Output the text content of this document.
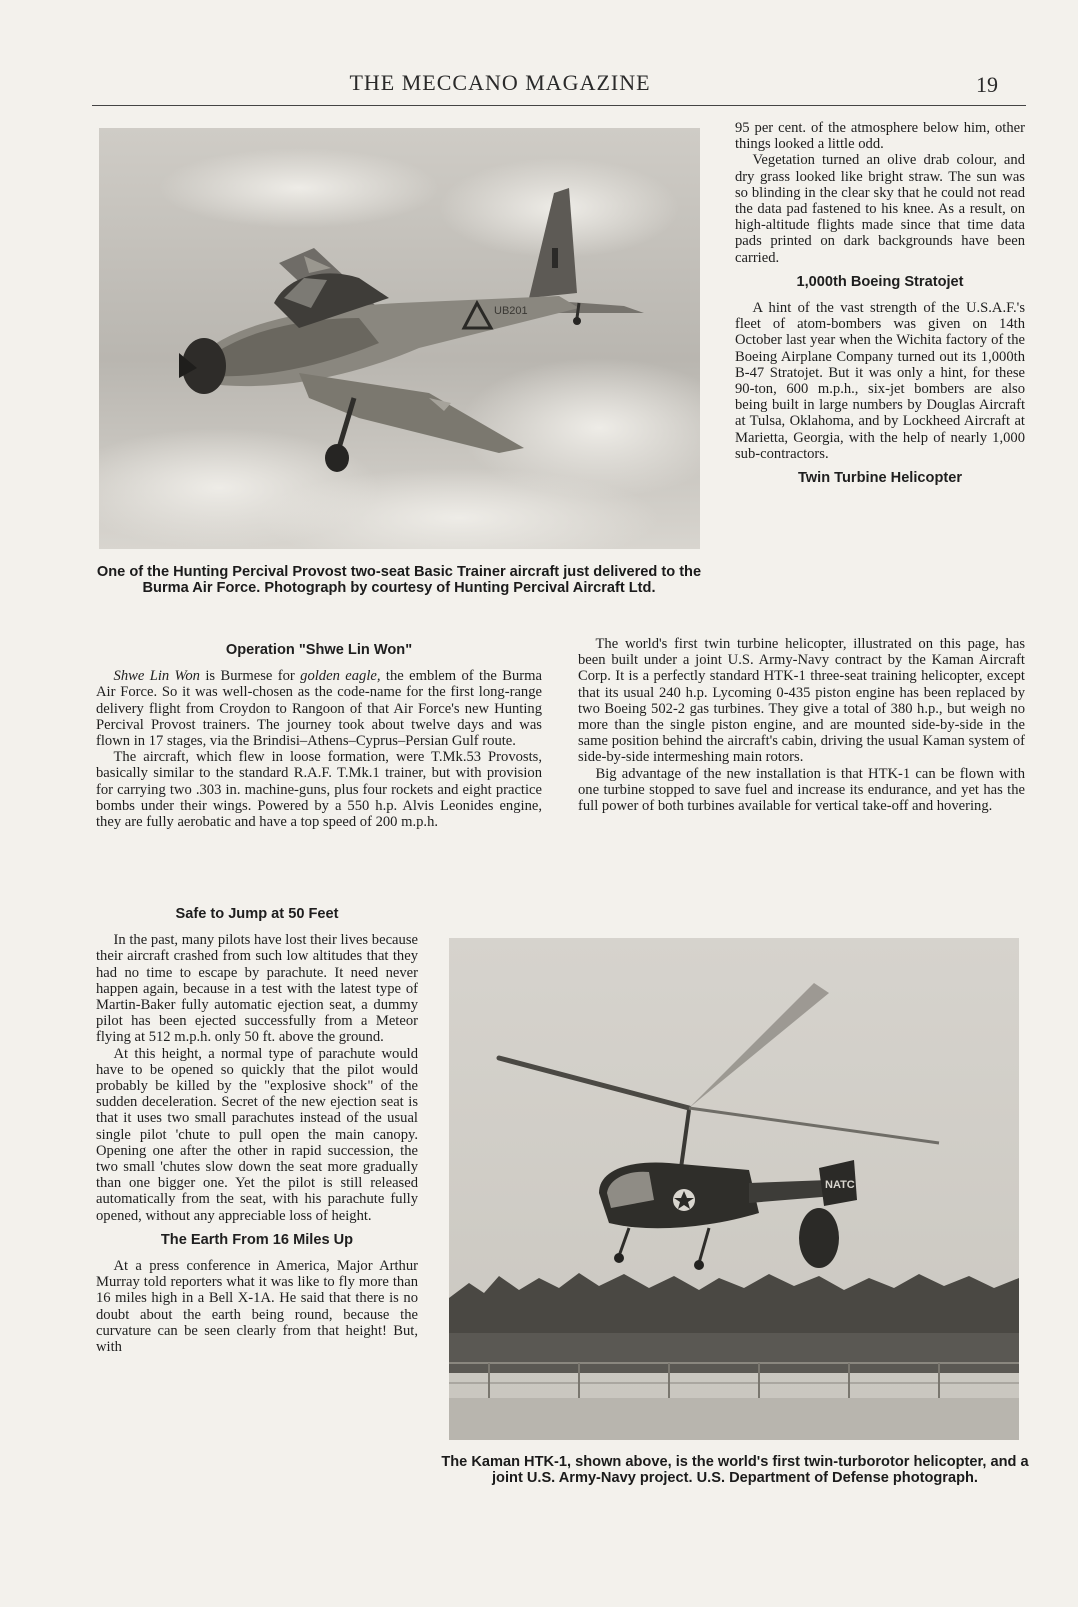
THE MECCANO MAGAZINE	19
UB201
One of the Hunting Percival Provost two-seat Basic Trainer aircraft just delivered to the Burma Air Force. Photograph by courtesy of Hunting Percival Aircraft Ltd.

95 per cent. of the atmosphere below him, other things looked a little odd.

Vegetation turned an olive drab colour, and dry grass looked like bright straw. The sun was so blinding in the clear sky that he could not read the data pad fastened to his knee. As a result, on high-altitude flights made since that time data pads printed on dark backgrounds have been carried.

1,000th Boeing Stratojet

A hint of the vast strength of the U.S.A.F.'s fleet of atom-bombers was given on 14th October last year when the Wichita factory of the Boeing Airplane Company turned out its 1,000th B-47 Stratojet. But it was only a hint, for these 90-ton, 600 m.p.h., six-jet bombers are also being built in large numbers by Douglas Aircraft at Tulsa, Oklahoma, and by Lockheed Aircraft at Marietta, Georgia, with the help of nearly 1,000 sub-contractors.

Twin Turbine Helicopter

The world's first twin turbine helicopter, illustrated on this page, has been built under a joint U.S. Army-Navy contract by the Kaman Aircraft Corp. It is a perfectly standard HTK-1 three-seat training helicopter, except that its usual 240 h.p. Lycoming 0-435 piston engine has been replaced by two Boeing 502-2 gas turbines. They give a total of 380 h.p., but weigh no more than the single piston engine, and are mounted side-by-side in the same position behind the aircraft's cabin, driving the usual Kaman system of side-by-side intermeshing main rotors.

Big advantage of the new installation is that HTK-1 can be flown with one turbine stopped to save fuel and increase its endurance, and yet has the full power of both turbines available for vertical take-off and hovering.

Operation "Shwe Lin Won"

Shwe Lin Won is Burmese for golden eagle, the emblem of the Burma Air Force. So it was well-chosen as the code-name for the first long-range delivery flight from Croydon to Rangoon of that Air Force's new Hunting Percival Provost trainers. The journey took about twelve days and was flown in 17 stages, via the Brindisi–Athens–Cyprus–Persian Gulf route.

The aircraft, which flew in loose formation, were T.Mk.53 Provosts, basically similar to the standard R.A.F. T.Mk.1 trainer, but with provision for carrying two .303 in. machine-guns, plus four rockets and eight practice bombs under their wings. Powered by a 550 h.p. Alvis Leonides engine, they are fully aerobatic and have a top speed of 200 m.p.h.

Safe to Jump at 50 Feet

In the past, many pilots have lost their lives because their aircraft crashed from such low altitudes that they had no time to escape by parachute. It need never happen again, because in a test with the latest type of Martin-Baker fully automatic ejection seat, a dummy pilot has been ejected successfully from a Meteor flying at 512 m.p.h. only 50 ft. above the ground.

At this height, a normal type of parachute would have to be opened so quickly that the pilot would probably be killed by the "explosive shock" of the sudden deceleration. Secret of the new ejection seat is that it uses two small parachutes instead of the usual single pilot 'chute to pull open the main canopy. Opening one after the other in rapid succession, the two small 'chutes slow down the seat more gradually than one bigger one. Yet the pilot is still released automatically from the seat, with his parachute fully opened, without any appreciable loss of height.

The Earth From 16 Miles Up

At a press conference in America, Major Arthur Murray told reporters what it was like to fly more than 16 miles high in a Bell X-1A. He said that there is no doubt about the earth being round, because the curvature can be seen clearly from that height! But, with

NATC
The Kaman HTK-1, shown above, is the world's first twin-turborotor helicopter, and a joint U.S. Army-Navy project. U.S. Department of Defense photograph.
